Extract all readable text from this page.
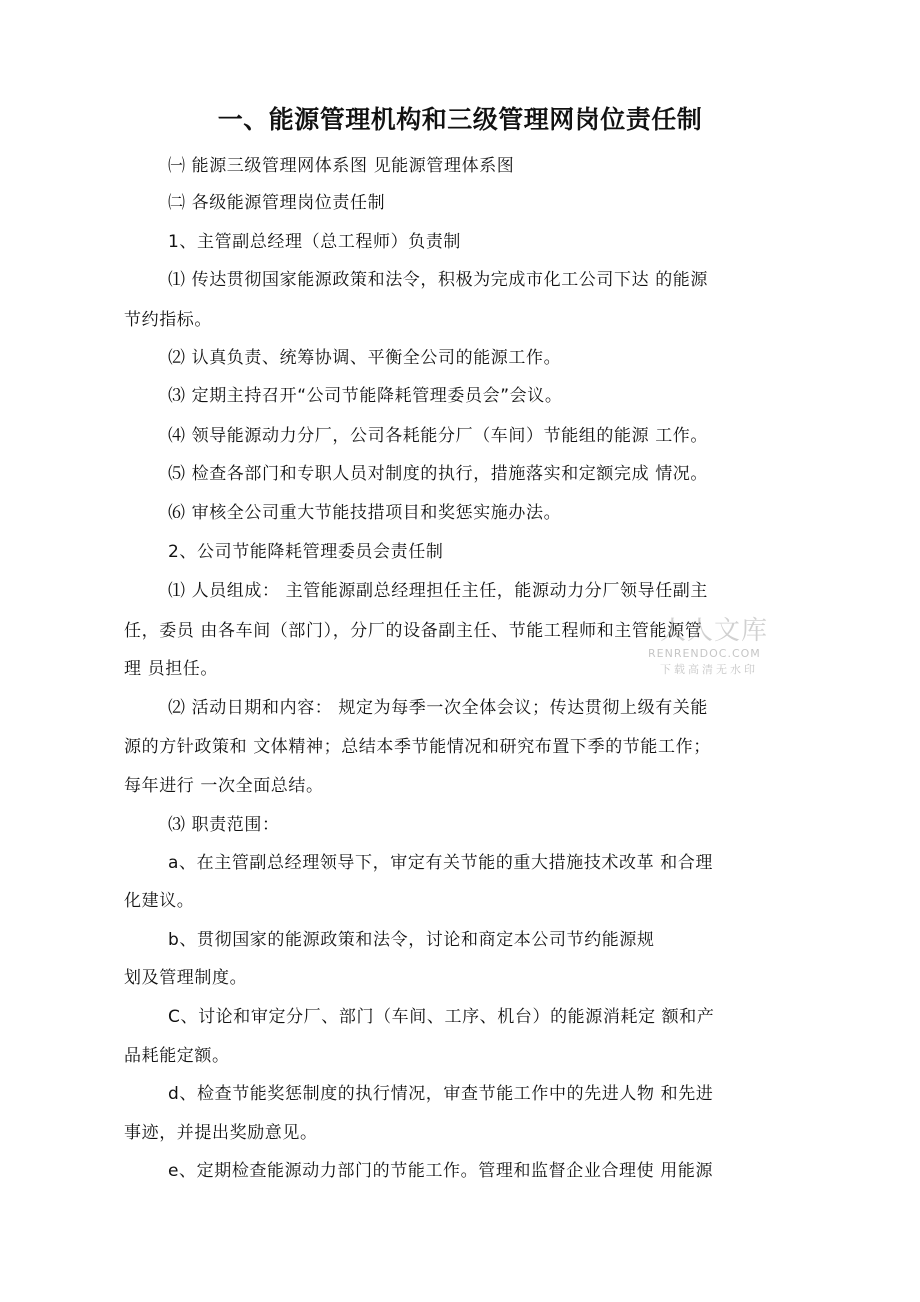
一、能源管理机构和三级管理网岗位责任制
㈠ 能源三级管理网体系图 见能源管理体系图
㈡ 各级能源管理岗位责任制
1、主管副总经理（总工程师）负责制
⑴ 传达贯彻国家能源政策和法令，积极为完成市化工公司下达 的能源
节约指标。
⑵ 认真负责、统筹协调、平衡全公司的能源工作。
⑶ 定期主持召开“公司节能降耗管理委员会”会议。
⑷ 领导能源动力分厂，公司各耗能分厂（车间）节能组的能源 工作。
⑸ 检查各部门和专职人员对制度的执行，措施落实和定额完成 情况。
⑹ 审核全公司重大节能技措项目和奖惩实施办法。
2、公司节能降耗管理委员会责任制
⑴ 人员组成： 主管能源副总经理担任主任，能源动力分厂领导任副主
任，委员 由各车间（部门），分厂的设备副主任、节能工程师和主管能源管
理 员担任。
⑵ 活动日期和内容： 规定为每季一次全体会议；传达贯彻上级有关能
源的方针政策和 文体精神；总结本季节能情况和研究布置下季的节能工作；
每年进行 一次全面总结。
⑶ 职责范围：
a、在主管副总经理领导下，审定有关节能的重大措施技术改革 和合理
化建议。
b、贯彻国家的能源政策和法令，讨论和商定本公司节约能源规
划及管理制度。
C、讨论和审定分厂、部门（车间、工序、机台）的能源消耗定 额和产
品耗能定额。
d、检查节能奖惩制度的执行情况，审查节能工作中的先进人物 和先进
事迹，并提出奖励意见。
e、定期检查能源动力部门的节能工作。管理和监督企业合理使 用能源
人人文库
RENRENDOC.COM
下载高清无水印
